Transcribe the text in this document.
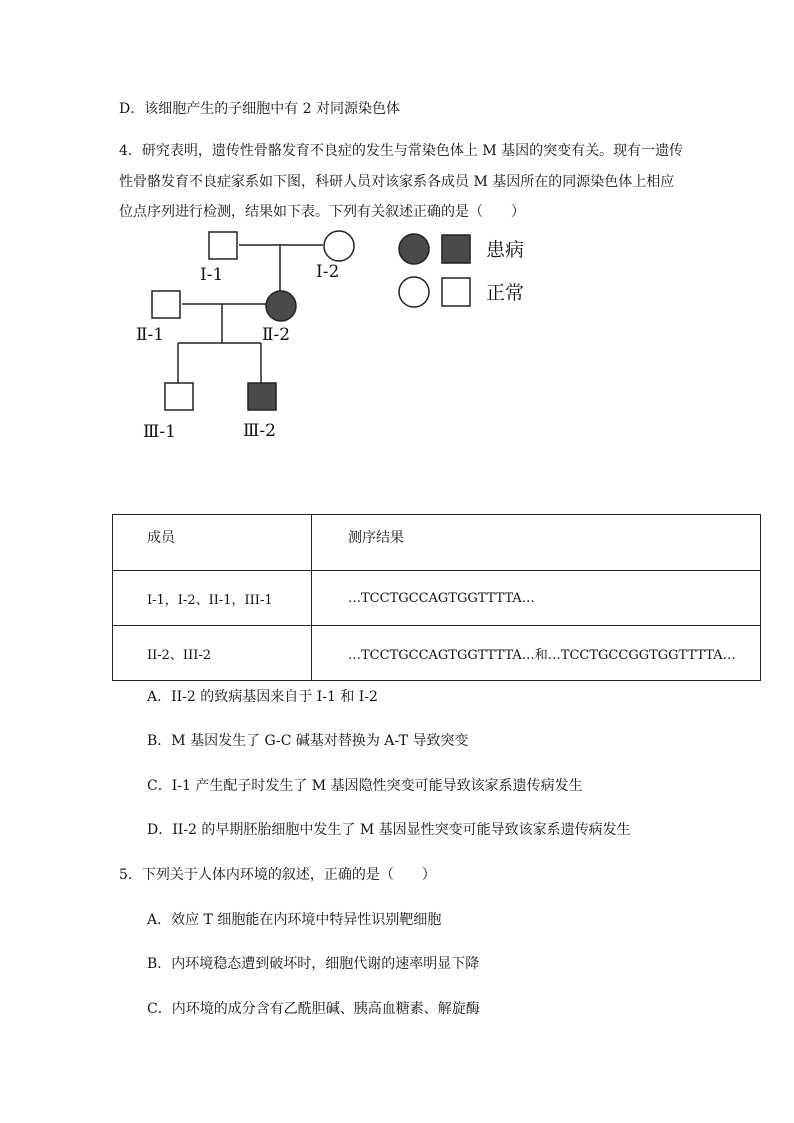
D．该细胞产生的子细胞中有 2 对同源染色体
4．研究表明，遗传性骨骼发育不良症的发生与常染色体上 M 基因的突变有关。现有一遗传
性骨骼发育不良症家系如下图，科研人员对该家系各成员 M 基因所在的同源染色体上相应
位点序列进行检测，结果如下表。下列有关叙述正确的是（　　）
Ⅰ-1	Ⅰ-2
Ⅱ-1	Ⅱ-2
Ⅲ-1	Ⅲ-2
患病
正常
成员	测序结果
I-1，I-2、II-1，III-1	…TCCTGCCAGTGGTTTTA…
II-2、III-2	…TCCTGCCAGTGGTTTTA…和…TCCTGCCGGTGGTTTTA…
A．II-2 的致病基因来自于 I-1 和 I-2
B．M 基因发生了 G-C 碱基对替换为 A-T 导致突变
C．I-1 产生配子时发生了 M 基因隐性突变可能导致该家系遗传病发生
D．II-2 的早期胚胎细胞中发生了 M 基因显性突变可能导致该家系遗传病发生
5．下列关于人体内环境的叙述，正确的是（　　）
A．效应 T 细胞能在内环境中特异性识别靶细胞
B．内环境稳态遭到破坏时，细胞代谢的速率明显下降
C．内环境的成分含有乙酰胆碱、胰高血糖素、解旋酶
